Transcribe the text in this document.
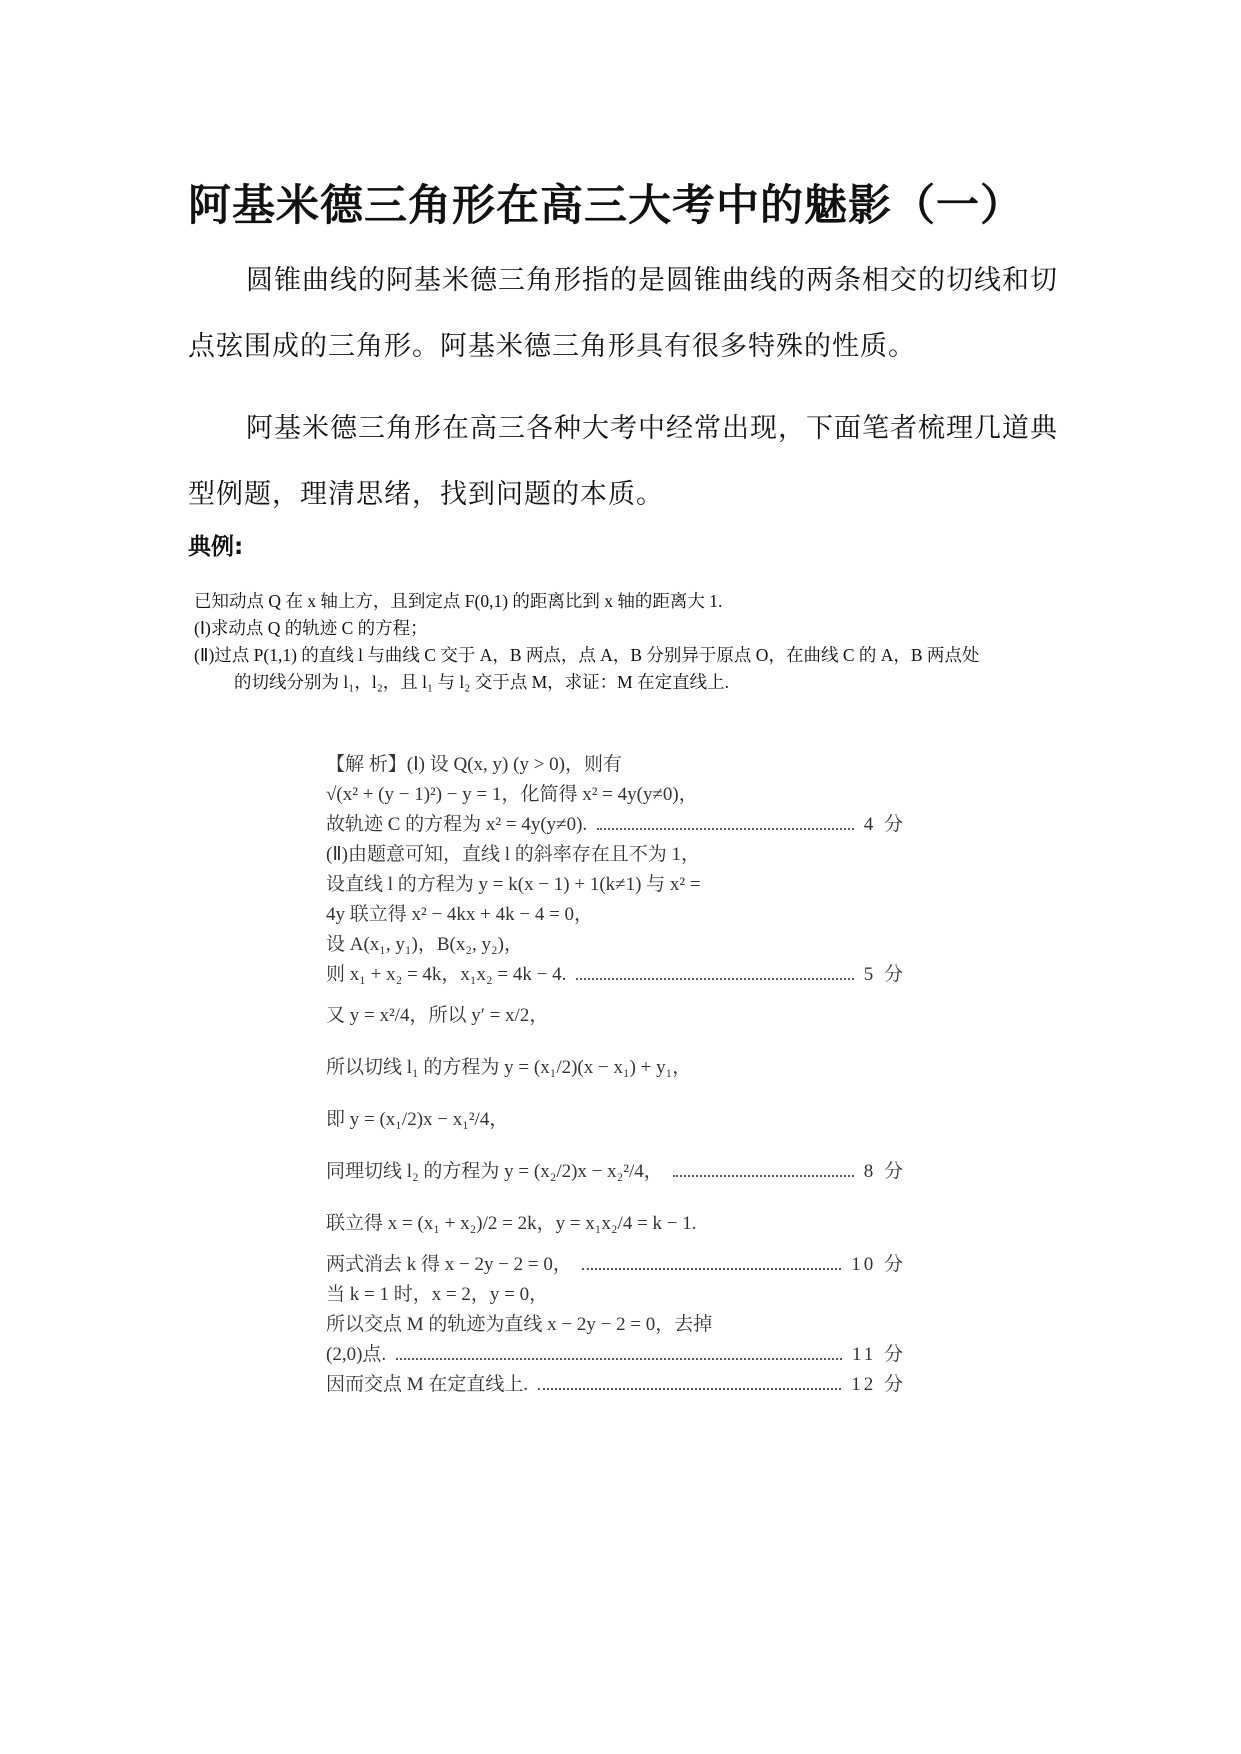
阿基米德三角形在高三大考中的魅影（一）
圆锥曲线的阿基米德三角形指的是圆锥曲线的两条相交的切线和切点弦围成的三角形。阿基米德三角形具有很多特殊的性质。
阿基米德三角形在高三各种大考中经常出现，下面笔者梳理几道典型例题，理清思绪，找到问题的本质。
典例:
已知动点 Q 在 x 轴上方，且到定点 F(0,1) 的距离比到 x 轴的距离大 1.
(Ⅰ)求动点 Q 的轨迹 C 的方程；
(Ⅱ)过点 P(1,1) 的直线 l 与曲线 C 交于 A，B 两点，点 A，B 分别异于原点 O，在曲线 C 的 A，B 两点处
的切线分别为 l₁，l₂，且 l₁ 与 l₂ 交于点 M，求证：M 在定直线上.
【解 析】(Ⅰ) 设 Q(x, y) (y > 0)，则有
√(x² + (y − 1)²) − y = 1，化简得 x² = 4y(y≠0)，
故轨迹 C 的方程为 x² = 4y(y≠0).	4 分
(Ⅱ)由题意可知，直线 l 的斜率存在且不为 1，
设直线 l 的方程为 y = k(x − 1) + 1(k≠1) 与 x² =
4y 联立得 x² − 4kx + 4k − 4 = 0，
设 A(x₁, y₁)，B(x₂, y₂)，
则 x₁ + x₂ = 4k，x₁x₂ = 4k − 4.	5 分
又 y = x²/4，所以 y′ = x/2，
所以切线 l₁ 的方程为 y = (x₁/2)(x − x₁) + y₁，
即 y = (x₁/2)x − x₁²/4，
同理切线 l₂ 的方程为 y = (x₂/2)x − x₂²/4，	8 分
联立得 x = (x₁ + x₂)/2 = 2k，y = x₁x₂/4 = k − 1.
两式消去 k 得 x − 2y − 2 = 0，	10 分
当 k = 1 时，x = 2，y = 0，
所以交点 M 的轨迹为直线 x − 2y − 2 = 0，去掉
(2,0)点.	11 分
因而交点 M 在定直线上.	12 分
